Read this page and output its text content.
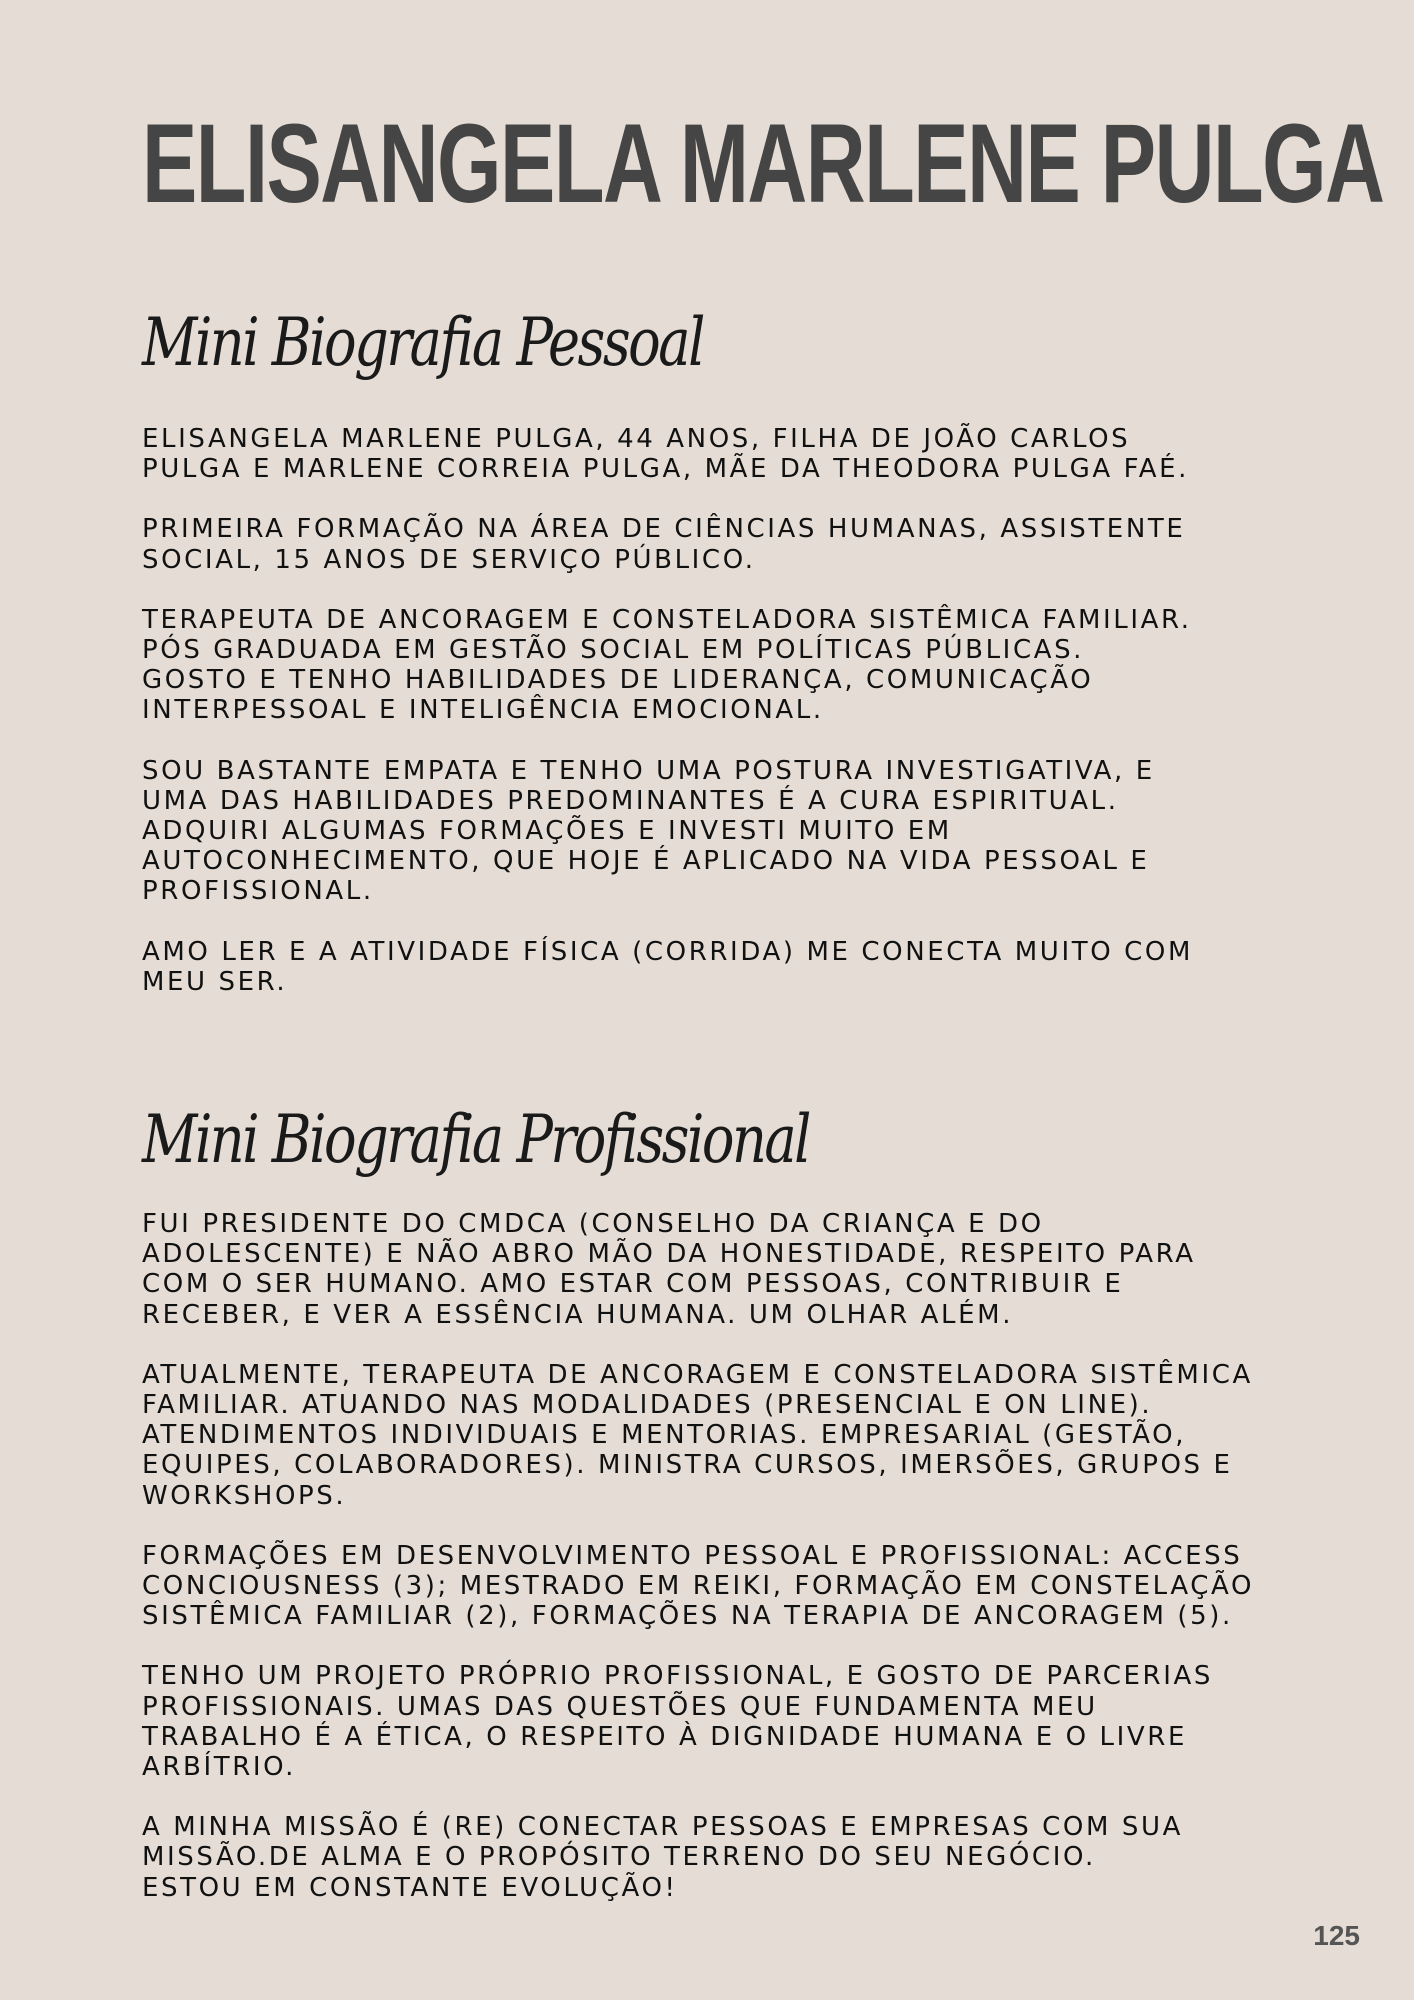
ELISANGELA MARLENE PULGA
Mini Biografia Pessoal

ELISANGELA MARLENE PULGA, 44 ANOS, FILHA DE JOÃO CARLOS
PULGA E MARLENE CORREIA PULGA, MÃE DA THEODORA PULGA FAÉ.

PRIMEIRA FORMAÇÃO NA ÁREA DE CIÊNCIAS HUMANAS, ASSISTENTE
SOCIAL, 15 ANOS DE SERVIÇO PÚBLICO.

TERAPEUTA DE ANCORAGEM E CONSTELADORA SISTÊMICA FAMILIAR.
PÓS GRADUADA EM GESTÃO SOCIAL EM POLÍTICAS PÚBLICAS.
GOSTO E TENHO HABILIDADES DE LIDERANÇA, COMUNICAÇÃO
INTERPESSOAL E INTELIGÊNCIA EMOCIONAL.

SOU BASTANTE EMPATA E TENHO UMA POSTURA INVESTIGATIVA, E
UMA DAS HABILIDADES PREDOMINANTES É A CURA ESPIRITUAL.
ADQUIRI ALGUMAS FORMAÇÕES E INVESTI MUITO EM
AUTOCONHECIMENTO, QUE HOJE É APLICADO NA VIDA PESSOAL E
PROFISSIONAL.

AMO LER E A ATIVIDADE FÍSICA (CORRIDA) ME CONECTA MUITO COM
MEU SER.

Mini Biografia Profissional

FUI PRESIDENTE DO CMDCA (CONSELHO DA CRIANÇA E DO
ADOLESCENTE) E NÃO ABRO MÃO DA HONESTIDADE, RESPEITO PARA
COM O SER HUMANO. AMO ESTAR COM PESSOAS, CONTRIBUIR E
RECEBER, E VER A ESSÊNCIA HUMANA. UM OLHAR ALÉM.

ATUALMENTE, TERAPEUTA DE ANCORAGEM E CONSTELADORA SISTÊMICA
FAMILIAR. ATUANDO NAS MODALIDADES (PRESENCIAL E ON LINE).
ATENDIMENTOS INDIVIDUAIS E MENTORIAS. EMPRESARIAL (GESTÃO,
EQUIPES, COLABORADORES). MINISTRA CURSOS, IMERSÕES, GRUPOS E
WORKSHOPS.

FORMAÇÕES EM DESENVOLVIMENTO PESSOAL E PROFISSIONAL: ACCESS
CONCIOUSNESS (3); MESTRADO EM REIKI, FORMAÇÃO EM CONSTELAÇÃO
SISTÊMICA FAMILIAR (2), FORMAÇÕES NA TERAPIA DE ANCORAGEM (5).

TENHO UM PROJETO PRÓPRIO PROFISSIONAL, E GOSTO DE PARCERIAS
PROFISSIONAIS. UMAS DAS QUESTÕES QUE FUNDAMENTA MEU
TRABALHO É A ÉTICA, O RESPEITO À DIGNIDADE HUMANA E O LIVRE
ARBÍTRIO.

A MINHA MISSÃO É (RE) CONECTAR PESSOAS E EMPRESAS COM SUA
MISSÃO.DE ALMA E O PROPÓSITO TERRENO DO SEU NEGÓCIO.
ESTOU EM CONSTANTE EVOLUÇÃO!

125
